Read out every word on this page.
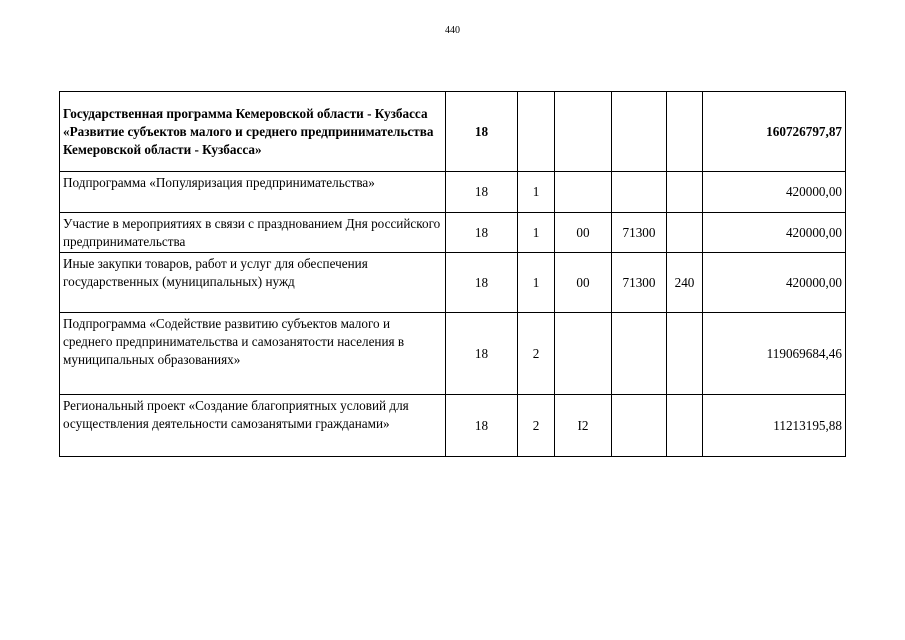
440
Государственная программа Кемеровской области - Кузбасса «Развитие субъектов малого и среднего предпринимательства Кемеровской области - Кузбасса»	18					160726797,87
Подпрограмма «Популяризация предпринимательства»	18	1				420000,00
Участие в мероприятиях в связи с празднованием Дня российского предпринимательства	18	1	00	71300		420000,00
Иные закупки товаров, работ и услуг для обеспечения государственных (муниципальных) нужд	18	1	00	71300	240	420000,00
Подпрограмма «Содействие развитию субъектов малого и среднего предпринимательства и самозанятости населения в муниципальных образованиях»	18	2				119069684,46
Региональный проект «Создание благоприятных условий для осуществления деятельности самозанятыми гражданами»	18	2	I2			11213195,88
